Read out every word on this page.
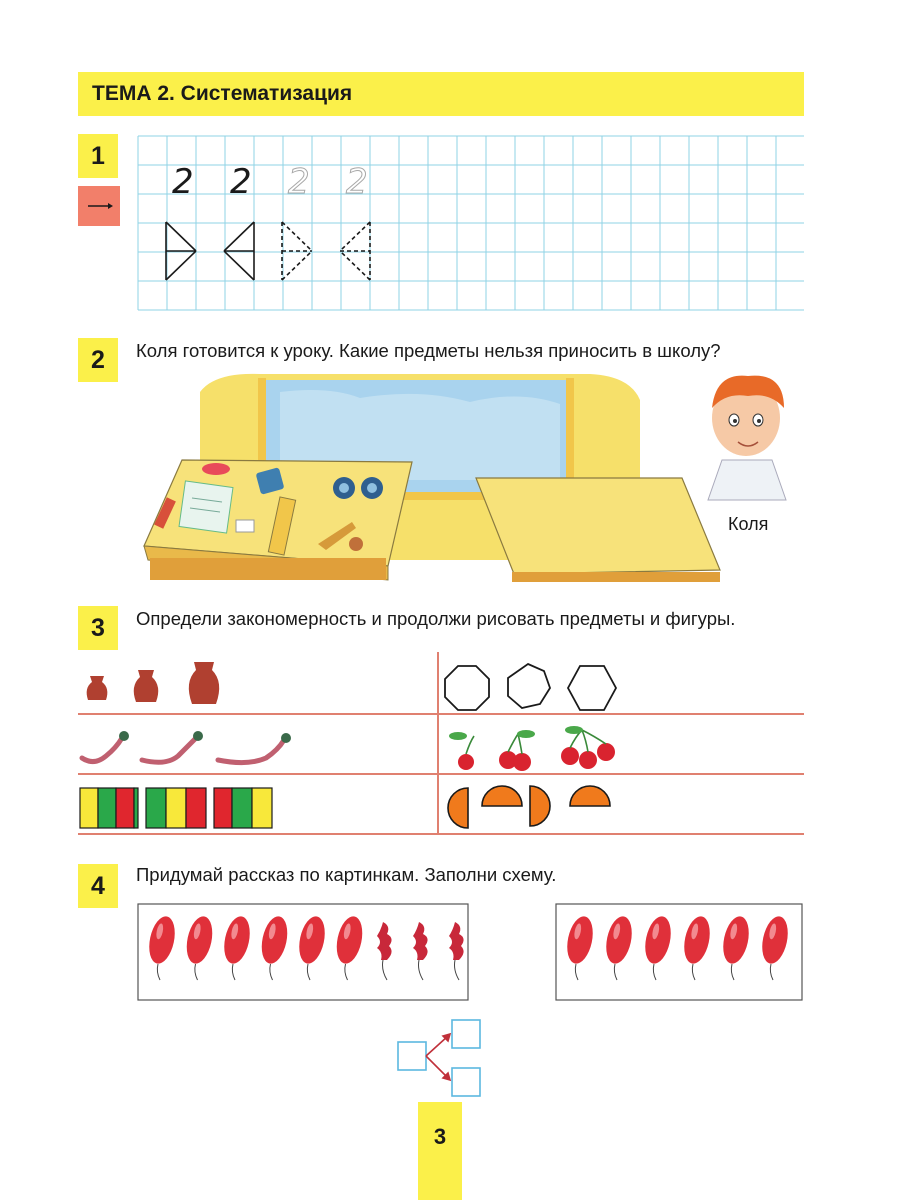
ТЕМА 2. Систематизация
1
2
3
4
Коля готовится к уроку. Какие предметы нельзя приносить в школу?
Определи закономерность и продолжи рисовать предметы и фигуры.
Придумай рассказ по картинкам. Заполни схему.
2 2 2 2
Коля
3
